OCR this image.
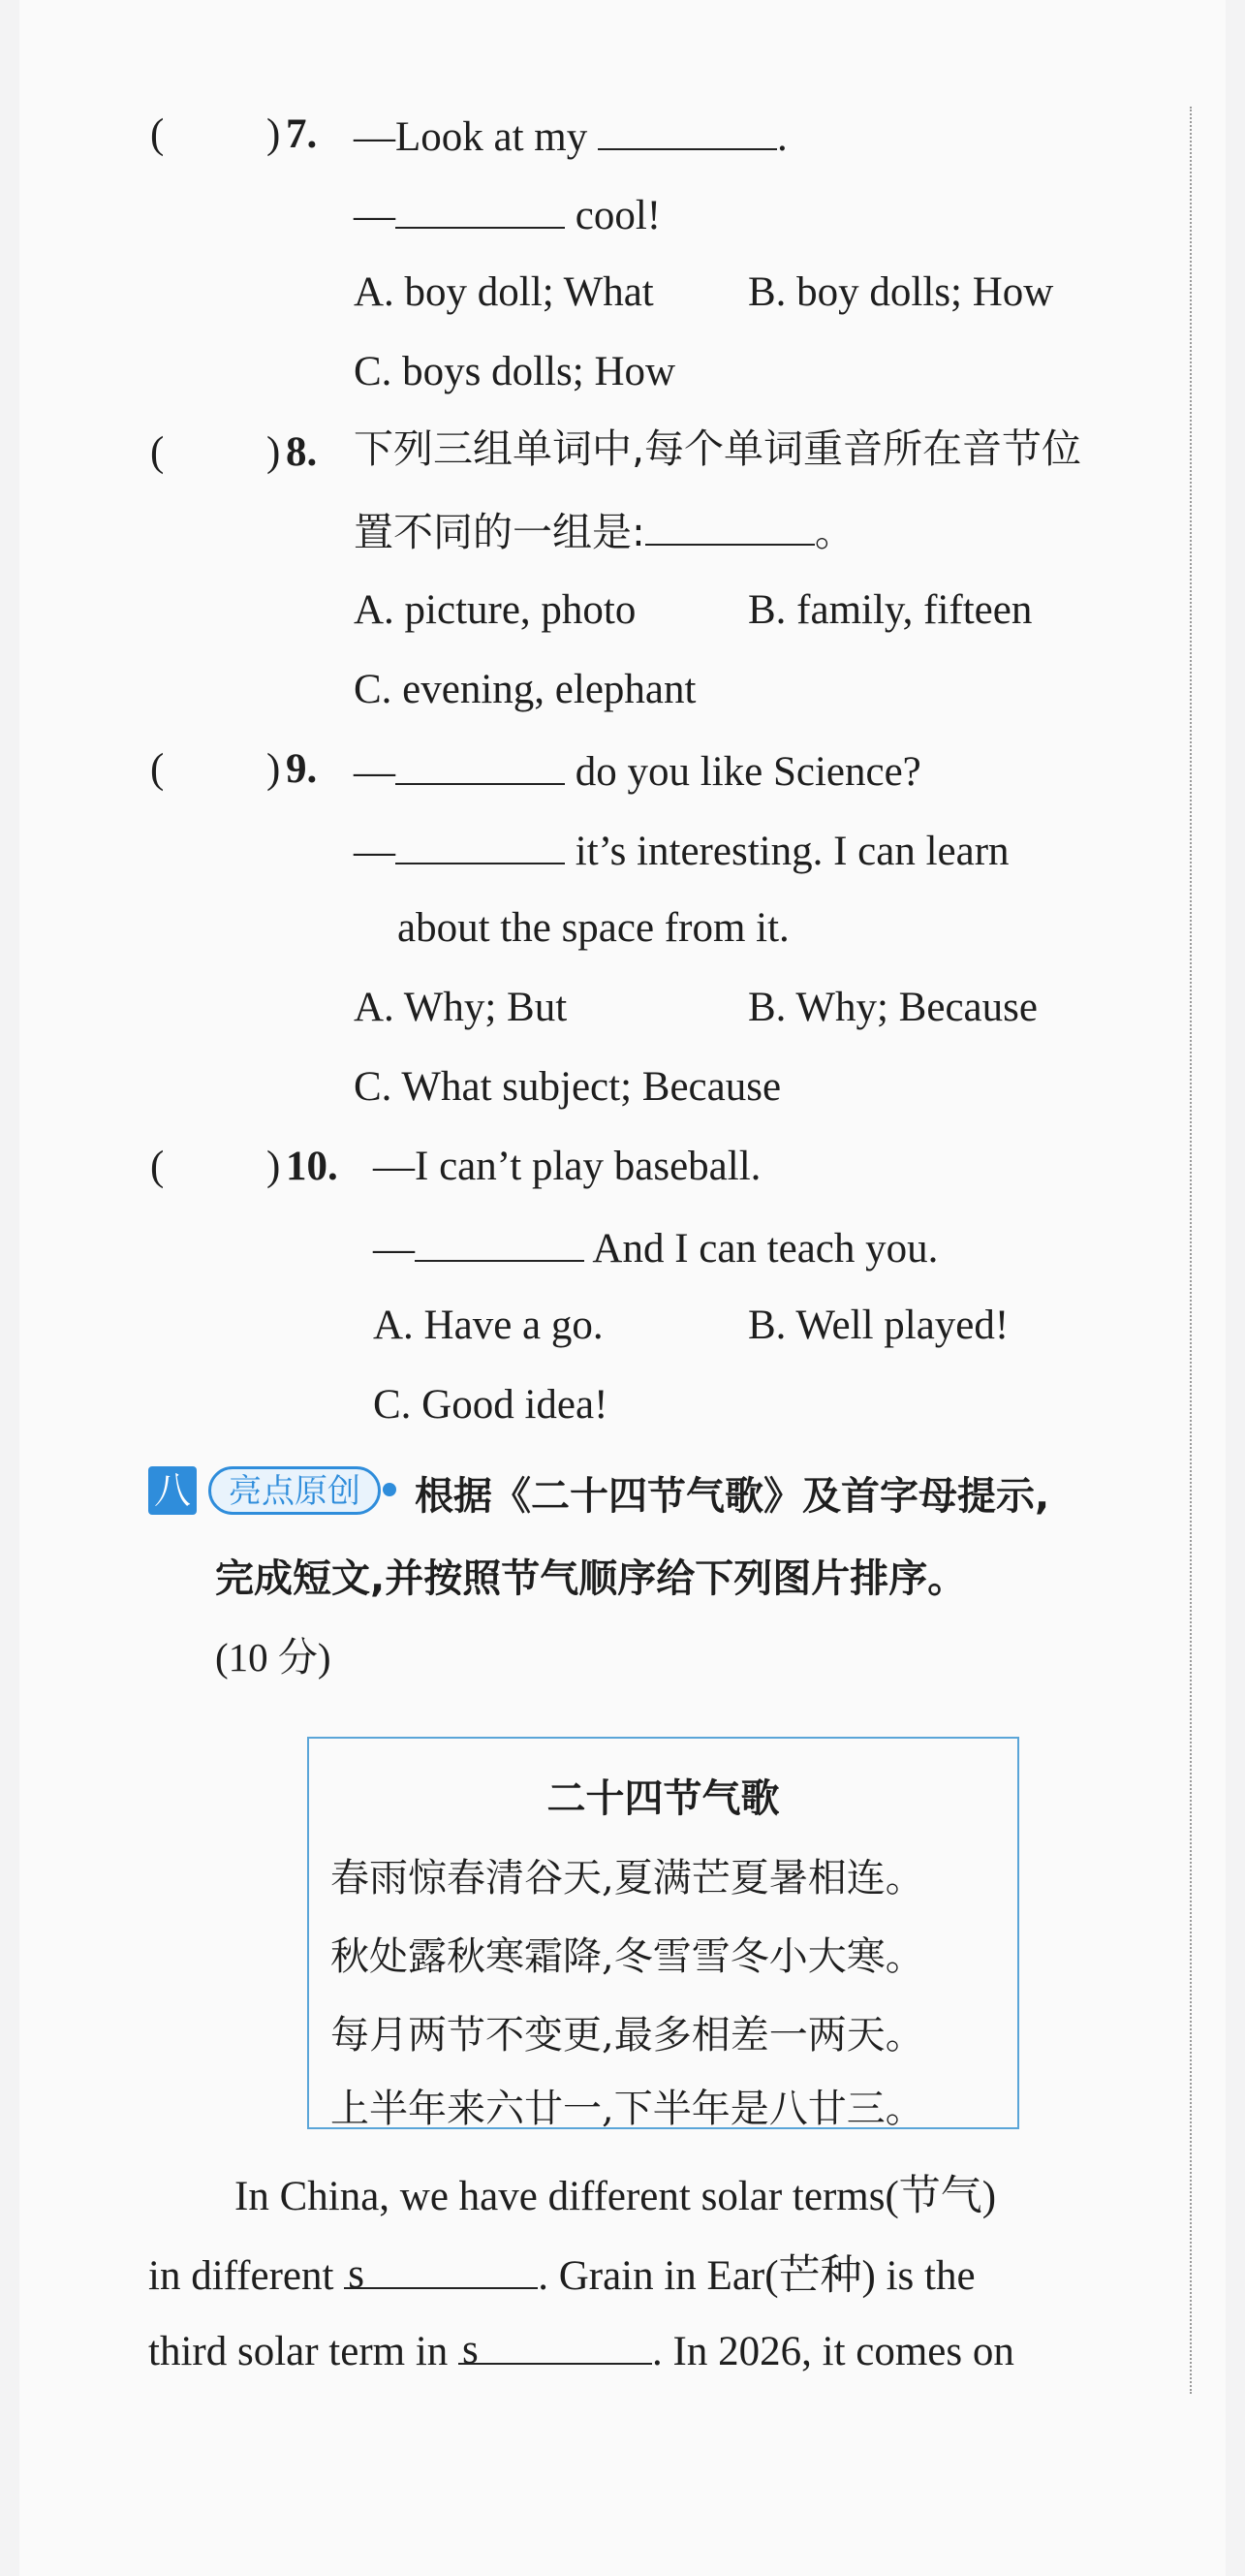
( ) 7. —Look at my	.
—	cool!
A. boy doll; What B. boy dolls; How
C. boys dolls; How
( ) 8. 下列三组单词中,每个单词重音所在音节位
置不同的一组是:	。
A. picture, photo	B. family, fifteen
C. evening, elephant
( ) 9. —	do you like Science?
—	it’s interesting. I can learn
about the space from it.
A. Why; But	B. Why; Because
C. What subject; Because
( ) 10. —I can’t play baseball.
—	And I can teach you.
A. Have a go.	B. Well played!
C. Good idea!
八	亮点原创	根据《二十四节气歌》及首字母提示,
完成短文,并按照节气顺序给下列图片排序。
(10 分)
二十四节气歌
春雨惊春清谷天,夏满芒夏暑相连。
秋处露秋寒霜降,冬雪雪冬小大寒。
每月两节不变更,最多相差一两天。
上半年来六廿一,下半年是八廿三。
In China, we have different solar terms(节气)
in different s	. Grain in Ear(芒种) is the
third solar term in s	. In 2026, it comes on
